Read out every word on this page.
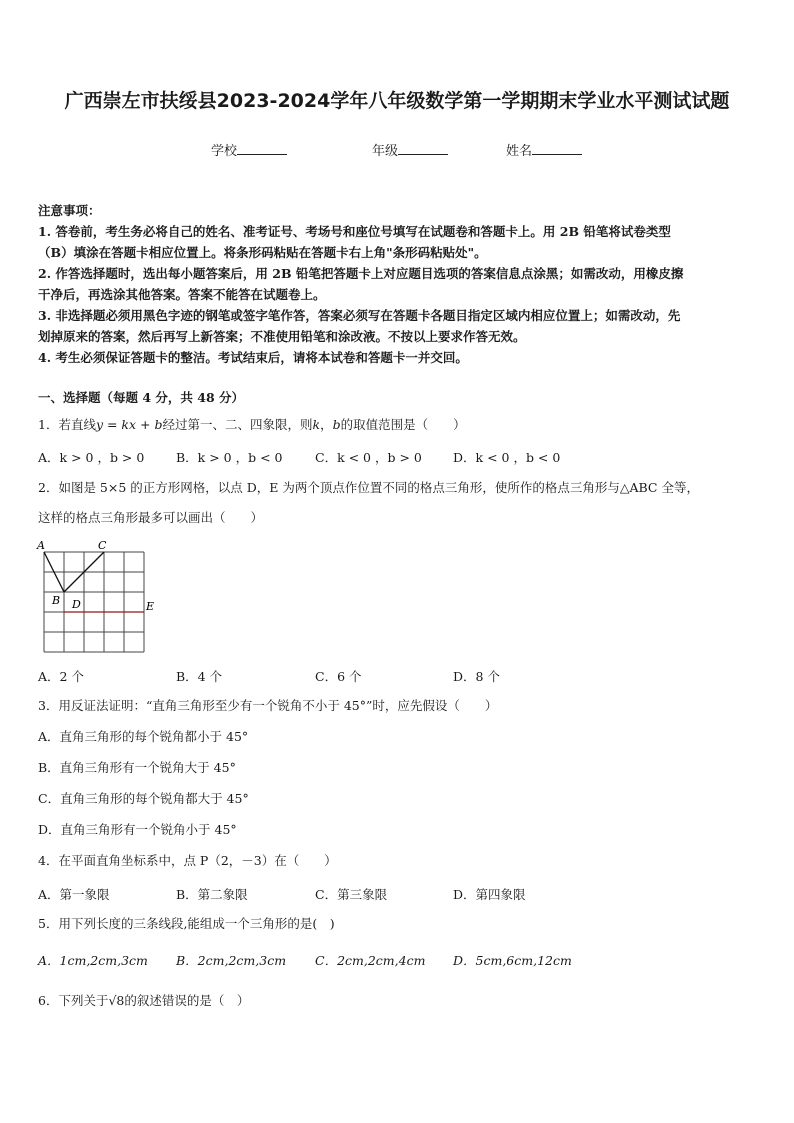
广西崇左市扶绥县2023-2024学年八年级数学第一学期期末学业水平测试试题
学校	年级	姓名
注意事项：
1. 答卷前，考生务必将自己的姓名、准考证号、考场号和座位号填写在试题卷和答题卡上。用 2B 铅笔将试卷类型
（B）填涂在答题卡相应位置上。将条形码粘贴在答题卡右上角"条形码粘贴处"。
2. 作答选择题时，选出每小题答案后，用 2B 铅笔把答题卡上对应题目选项的答案信息点涂黑；如需改动，用橡皮擦
干净后，再选涂其他答案。答案不能答在试题卷上。
3. 非选择题必须用黑色字迹的钢笔或签字笔作答，答案必须写在答题卡各题目指定区域内相应位置上；如需改动，先
划掉原来的答案，然后再写上新答案；不准使用铅笔和涂改液。不按以上要求作答无效。
4. 考生必须保证答题卡的整洁。考试结束后，请将本试卷和答题卡一并交回。
一、选择题（每题 4 分，共 48 分）
1．若直线y = kx + b经过第一、二、四象限，则k，b的取值范围是（　　）
A．k > 0 ，b > 0	B．k > 0 ，b < 0	C．k < 0 ，b > 0 D．k < 0 ，b < 0
2．如图是 5×5 的正方形网格，以点 D，E 为两个顶点作位置不同的格点三角形，使所作的格点三角形与△ABC 全等，
这样的格点三角形最多可以画出（　　）
A	C
B D	E
A．2 个	B．4 个	C．6 个	D．8 个
3．用反证法证明：“直角三角形至少有一个锐角不小于 45°”时，应先假设（　　）
A．直角三角形的每个锐角都小于 45°
B．直角三角形有一个锐角大于 45°
C．直角三角形的每个锐角都大于 45°
D．直角三角形有一个锐角小于 45°
4．在平面直角坐标系中，点 P（2，－3）在（　　）
A．第一象限	B．第二象限	C．第三象限	D．第四象限
5．用下列长度的三条线段,能组成一个三角形的是(　)
A．1cm,2cm,3cm B．2cm,2cm,3cm C．2cm,2cm,4cm D．5cm,6cm,12cm
6．下列关于√8的叙述错误的是（　）
